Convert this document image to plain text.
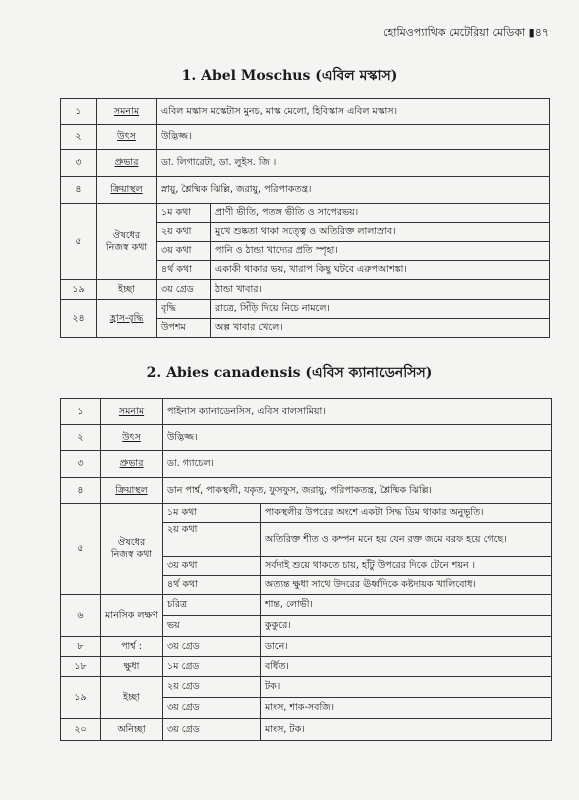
হোমিওপ্যাথিক মেটেরিয়া মেডিকা ▮৪৭
1. Abel Moschus (এবিল মস্কাস)
১	সমনাম	এবিল মস্কাস মস্কেটাস মুনচ, মাস্ক মেলো, হিবিস্কাস এবিল মস্কাস।	
২	উৎস	উদ্ভিজ্জ।	
৩	প্রুভার	ডা. লিগারেটা, ডা. লুইস. জি ।	
৪	ক্রিয়াস্থল	স্নায়ু, শ্লৈষ্মিক ঝিল্লি, জরায়ু, পরিপাকতন্ত্র।	
৫	ঔষধের নিজস্ব কথা	১ম কথা	প্রাণী ভীতি, পতঙ্গ ভীতি ও সাপেরভয়।
		২য় কথা	মুখে শুষ্কতা থাকা সত্ত্বে ও অতিরিক্ত লালাস্রাব।
		৩য় কথা	পানি ও ঠান্ডা খাদ্যের প্রতি স্পৃহা।
		৪র্থ কথা	একাকী থাকার ভয়, খারাপ কিছু ঘটবে এরুপআশঙ্কা।
১৯	ইচ্ছা	৩য় গ্রেড	ঠান্ডা খাবার।
২৪	হ্রাস-বৃদ্ধি	বৃদ্ধি	রাত্রে, সিঁড়ি দিয়ে নিচে নামলে।
		উপশম	অল্প খাবার খেলে।
2. Abies canadensis (এবিস ক্যানাডেনসিস)
১	সমনাম	পাইনাস ক্যানাডেনসিস, এবিস বালসামিয়া।	
২	উৎস	উদ্ভিজ্জ।	
৩	প্রুভার	ডা. গ্যাচেল।	
৪	ক্রিয়াস্থল	ডান পার্শ্ব, পাকস্থলী, যকৃত, ফুসফুস, জরায়ু, পরিপাকতন্ত্র, শ্লৈষ্মিক ঝিল্লি।	
৫	ঔষধের নিজস্ব কথা	১ম কথা	পাকস্থলীর উপরের অংশে একটা সিদ্ধ ডিম থাকার অনুভূতি।
		২য় কথা	অতিরিক্ত শীত ও কম্পন মনে হয় যেন রক্ত জমে বরফ হয়ে গেছে।
		৩য় কথা	সর্বদাই শুয়ে থাকতে চায়, হাঁটু উপরের দিকে টেনে শয়ন ।
		৪র্থ কথা	অত্যন্ত ক্ষুধা সাথে উদরের ঊর্ধ্বদিকে কষ্টদায়ক খালিবোধ।
৬	মানসিক লক্ষণ	চরিত্র	শান্ত, লোভী।
		ভয়	কুকুরে।
৮	পার্শ্ব :	৩য় গ্রেড	ডানে।
১৮	ক্ষুধা	১ম গ্রেড	বর্ধিত।
১৯	ইচ্ছা	২য় গ্রেড	টক।
		৩য় গ্রেড	মাংস, শাক-সবজি।
২০	অনিচ্ছা	৩য় গ্রেড	মাংস, টক।
